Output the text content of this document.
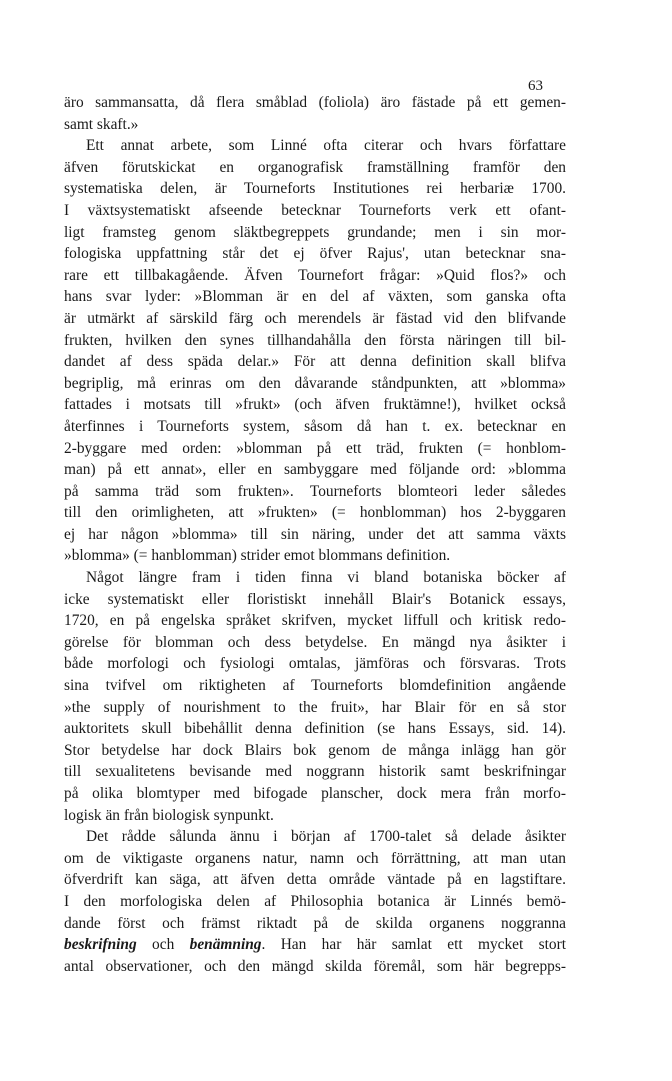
63
äro sammansatta, då flera småblad (foliola) äro fästade på ett gemen-
samt skaft.»
Ett annat arbete, som Linné ofta citerar och hvars författare
äfven förutskickat en organografisk framställning framför den
systematiska delen, är Tourneforts Institutiones rei herbariæ 1700.
I växtsystematiskt afseende betecknar Tourneforts verk ett ofant-
ligt framsteg genom släktbegreppets grundande; men i sin mor-
fologiska uppfattning står det ej öfver Rajus', utan betecknar sna-
rare ett tillbakagående. Äfven Tournefort frågar: »Quid flos?» och
hans svar lyder: »Blomman är en del af växten, som ganska ofta
är utmärkt af särskild färg och merendels är fästad vid den blifvande
frukten, hvilken den synes tillhandahålla den första näringen till bil-
dandet af dess späda delar.» För att denna definition skall blifva
begriplig, må erinras om den dåvarande ståndpunkten, att »blomma»
fattades i motsats till »frukt» (och äfven fruktämne!), hvilket också
återfinnes i Tourneforts system, såsom då han t. ex. betecknar en
2-byggare med orden: »blomman på ett träd, frukten (= honblom-
man) på ett annat», eller en sambyggare med följande ord: »blomma
på samma träd som frukten». Tourneforts blomteori leder således
till den orimligheten, att »frukten» (= honblomman) hos 2-byggaren
ej har någon »blomma» till sin näring, under det att samma växts
»blomma» (= hanblomman) strider emot blommans definition.
Något längre fram i tiden finna vi bland botaniska böcker af
icke systematiskt eller floristiskt innehåll Blair's Botanick essays,
1720, en på engelska språket skrifven, mycket liffull och kritisk redo-
görelse för blomman och dess betydelse. En mängd nya åsikter i
både morfologi och fysiologi omtalas, jämföras och försvaras. Trots
sina tvifvel om riktigheten af Tourneforts blomdefinition angående
»the supply of nourishment to the fruit», har Blair för en så stor
auktoritets skull bibehållit denna definition (se hans Essays, sid. 14).
Stor betydelse har dock Blairs bok genom de många inlägg han gör
till sexualitetens bevisande med noggrann historik samt beskrifningar
på olika blomtyper med bifogade planscher, dock mera från morfo-
logisk än från biologisk synpunkt.
Det rådde sålunda ännu i början af 1700-talet så delade åsikter
om de viktigaste organens natur, namn och förrättning, att man utan
öfverdrift kan säga, att äfven detta område väntade på en lagstiftare.
I den morfologiska delen af Philosophia botanica är Linnés bemö-
dande först och främst riktadt på de skilda organens noggranna
beskrifning och benämning. Han har här samlat ett mycket stort
antal observationer, och den mängd skilda föremål, som här begrepps-
